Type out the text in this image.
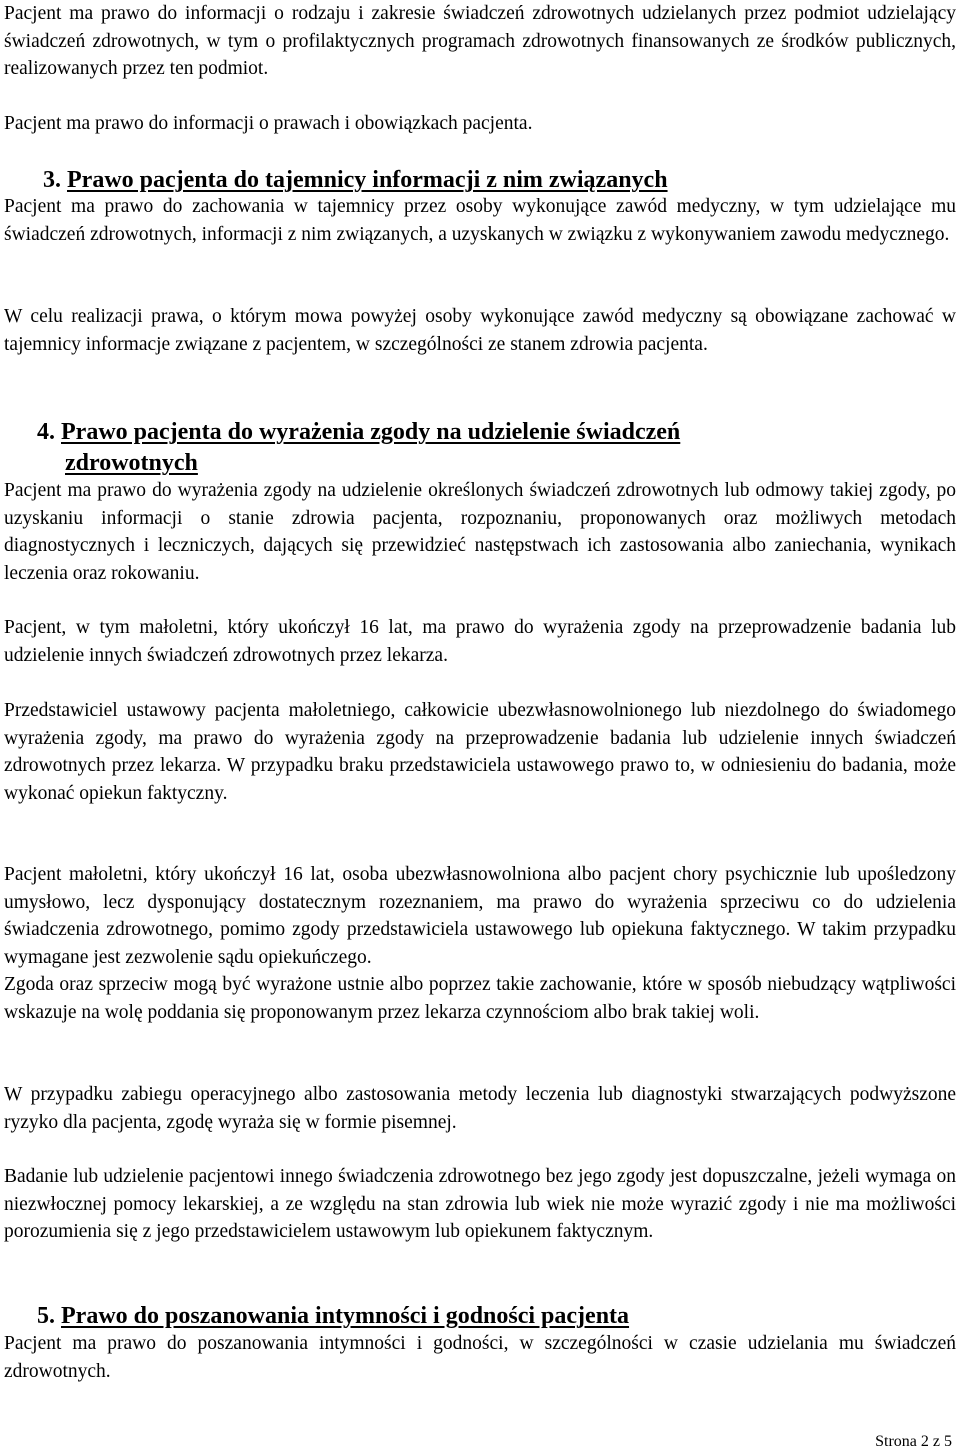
Pacjent ma prawo do informacji o rodzaju i zakresie świadczeń zdrowotnych udzielanych przez podmiot udzielający świadczeń zdrowotnych, w tym o profilaktycznych programach zdrowotnych finansowanych ze środków publicznych, realizowanych przez ten podmiot.

Pacjent ma prawo do informacji o prawach i obowiązkach pacjenta.

3. Prawo pacjenta do tajemnicy informacji z nim związanych

Pacjent ma prawo do zachowania w tajemnicy przez osoby wykonujące zawód medyczny, w tym udzielające mu świadczeń zdrowotnych, informacji z nim związanych, a uzyskanych w związku z wykonywaniem zawodu medycznego.

W celu realizacji prawa, o którym mowa powyżej osoby wykonujące zawód medyczny są obowiązane zachować w tajemnicy informacje związane z pacjentem, w szczególności ze stanem zdrowia pacjenta.

4. Prawo pacjenta do wyrażenia zgody na udzielenie świadczeń
zdrowotnych

Pacjent ma prawo do wyrażenia zgody na udzielenie określonych świadczeń zdrowotnych lub odmowy takiej zgody, po uzyskaniu informacji o stanie zdrowia pacjenta, rozpoznaniu, proponowanych oraz możliwych metodach diagnostycznych i leczniczych, dających się przewidzieć następstwach ich zastosowania albo zaniechania, wynikach leczenia oraz rokowaniu.

Pacjent, w tym małoletni, który ukończył 16 lat, ma prawo do wyrażenia zgody na przeprowadzenie badania lub udzielenie innych świadczeń zdrowotnych przez lekarza.

Przedstawiciel ustawowy pacjenta małoletniego, całkowicie ubezwłasnowolnionego lub niezdolnego do świadomego wyrażenia zgody, ma prawo do wyrażenia zgody na przeprowadzenie badania lub udzielenie innych świadczeń zdrowotnych przez lekarza. W przypadku braku przedstawiciela ustawowego prawo to, w odniesieniu do badania, może wykonać opiekun faktyczny.

Pacjent małoletni, który ukończył 16 lat, osoba ubezwłasnowolniona albo pacjent chory psychicznie lub upośledzony umysłowo, lecz dysponujący dostatecznym rozeznaniem, ma prawo do wyrażenia sprzeciwu co do udzielenia świadczenia zdrowotnego, pomimo zgody przedstawiciela ustawowego lub opiekuna faktycznego. W takim przypadku wymagane jest zezwolenie sądu opiekuńczego.

Zgoda oraz sprzeciw mogą być wyrażone ustnie albo poprzez takie zachowanie, które w sposób niebudzący wątpliwości wskazuje na wolę poddania się proponowanym przez lekarza czynnościom albo brak takiej woli.

W przypadku zabiegu operacyjnego albo zastosowania metody leczenia lub diagnostyki stwarzających podwyższone ryzyko dla pacjenta, zgodę wyraża się w formie pisemnej.

Badanie lub udzielenie pacjentowi innego świadczenia zdrowotnego bez jego zgody jest dopuszczalne, jeżeli wymaga on niezwłocznej pomocy lekarskiej, a ze względu na stan zdrowia lub wiek nie może wyrazić zgody i nie ma możliwości porozumienia się z jego przedstawicielem ustawowym lub opiekunem faktycznym.

5. Prawo do poszanowania intymności i godności pacjenta

Pacjent ma prawo do poszanowania intymności i godności, w szczególności w czasie udzielania mu świadczeń zdrowotnych.

Strona 2 z 5
